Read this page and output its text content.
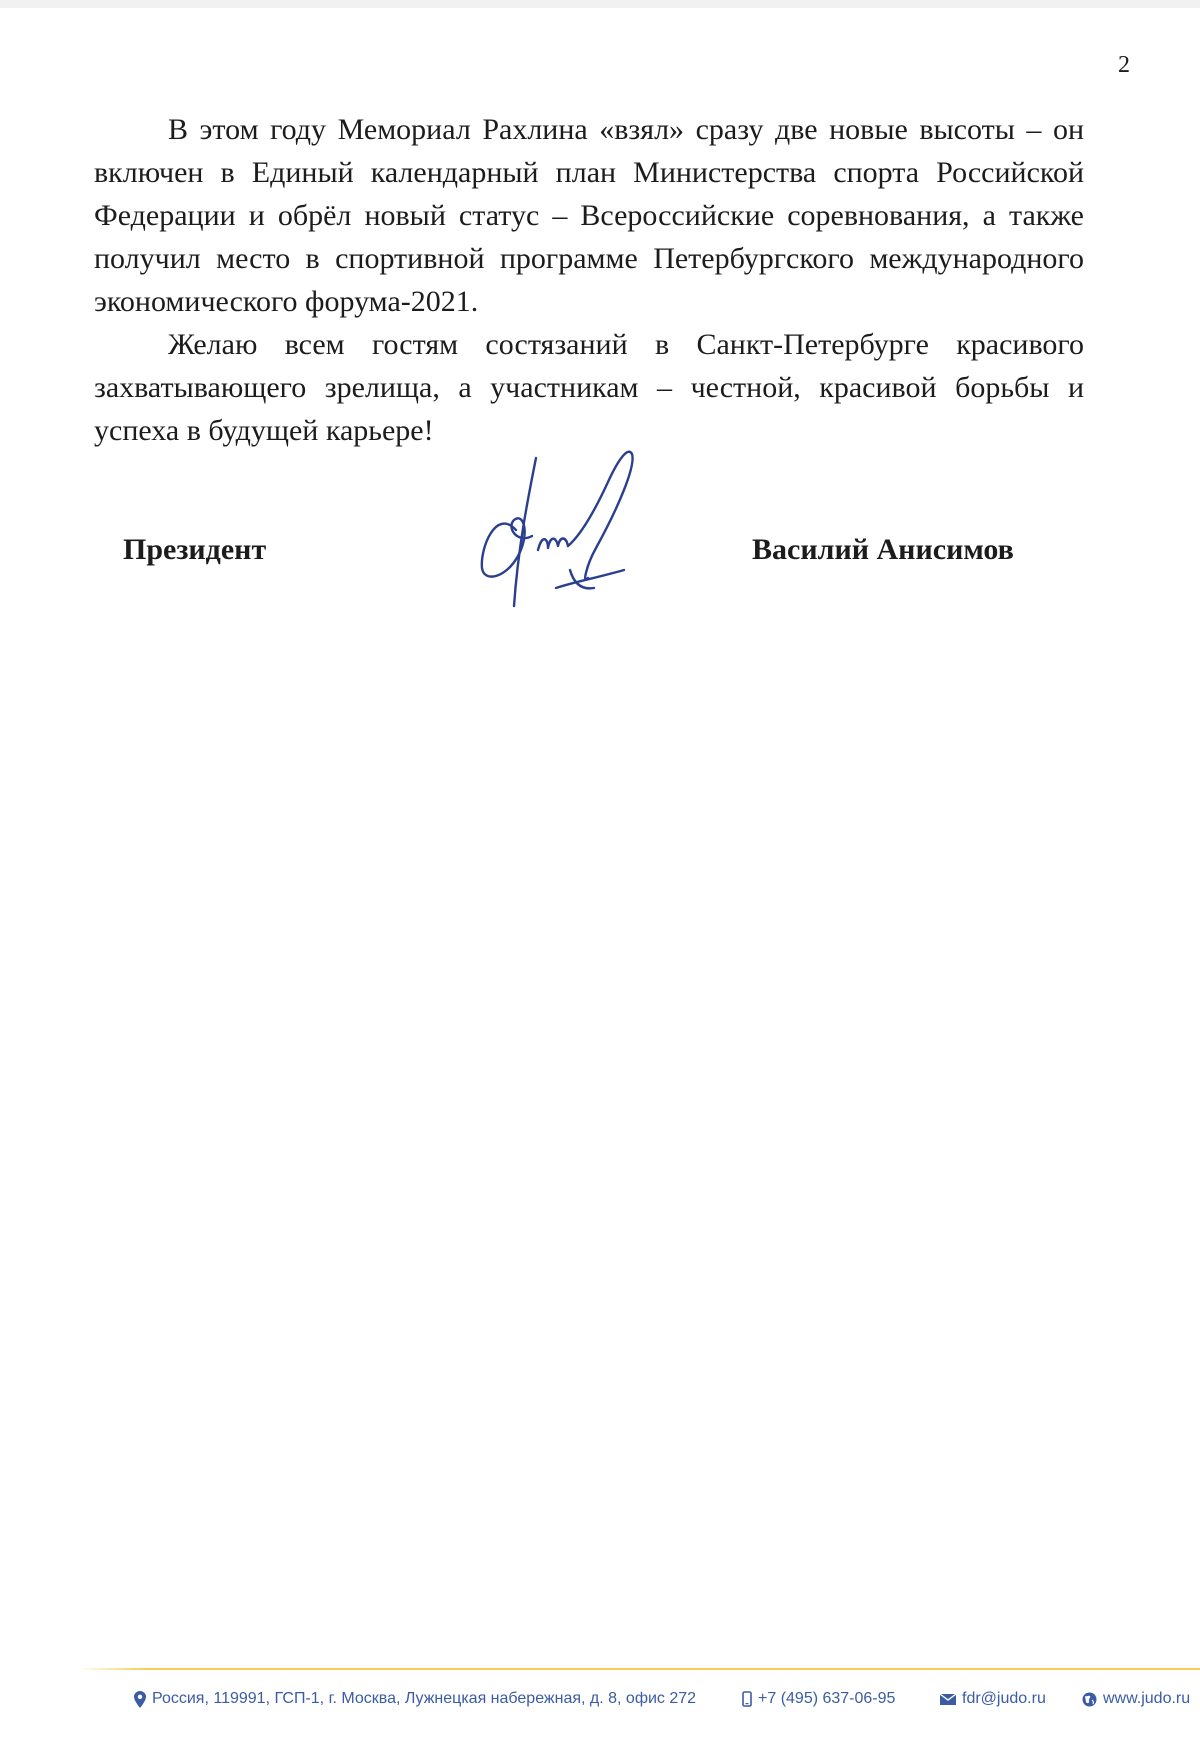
2

В этом году Мемориал Рахлина «взял» сразу две новые высоты – он включен в Единый календарный план Министерства спорта Российской Федерации и обрёл новый статус – Всероссийские соревнования, а также получил место в спортивной программе Петербургского международного экономического форума-2021.

Желаю всем гостям состязаний в Санкт-Петербурге красивого захватывающего зрелища, а участникам – честной, красивой борьбы и успеха в будущей карьере!

Президент	Василий Анисимов
Россия, 119991, ГСП-1, г. Москва, Лужнецкая набережная, д. 8, офис 272	+7 (495) 637-06-95	fdr@judo.ru	www.judo.ru
